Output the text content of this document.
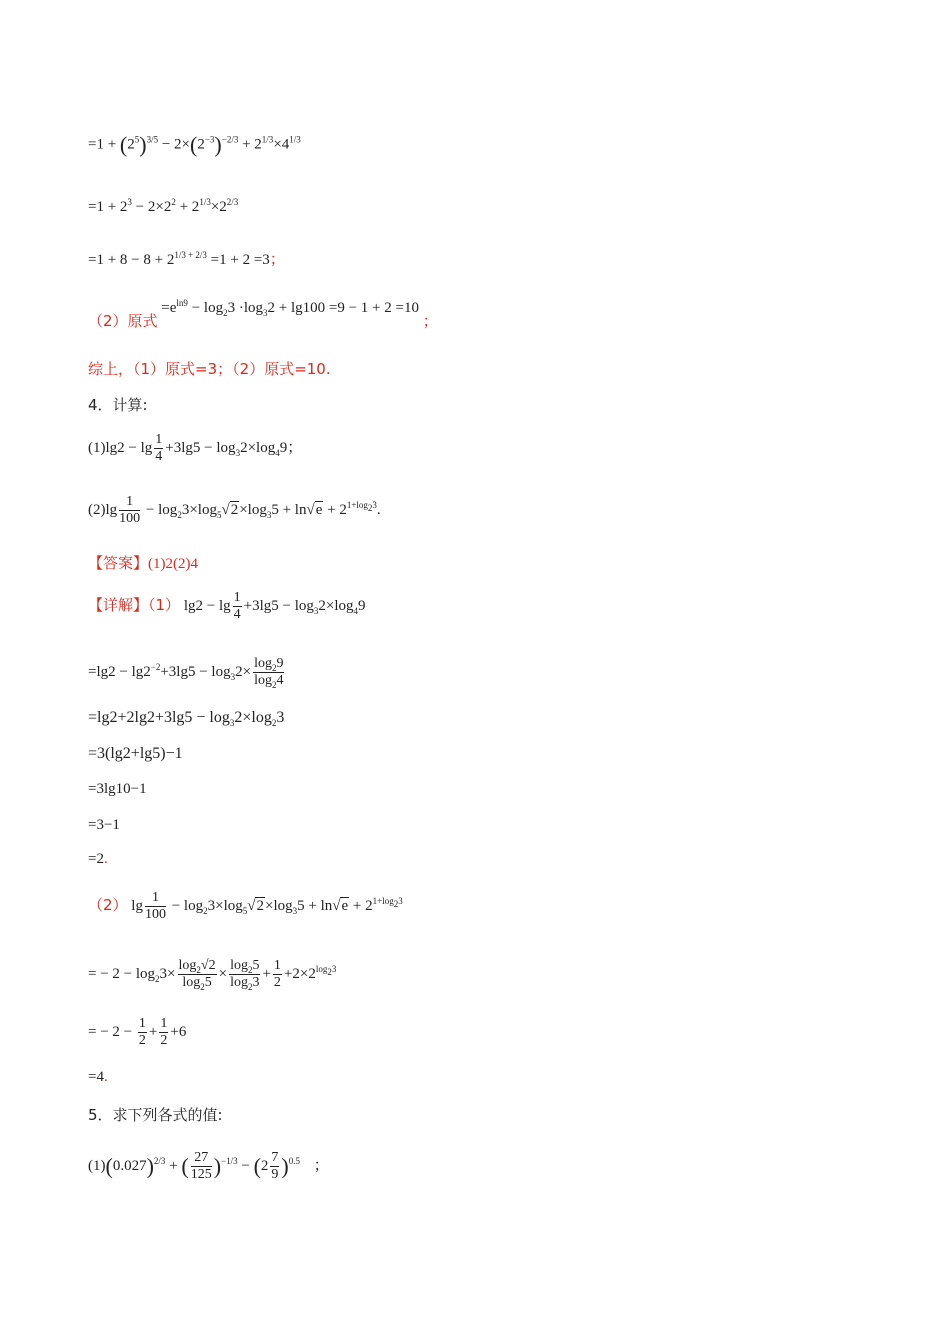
$=1 + (2^5)^{3/5} - 2\times(2^{-3})^{-2/3} + 2^{1/3}\times 4^{1/3}$
$=1 + 2^3 - 2\times 2^2 + 2^{1/3}\times 2^{2/3}$
$=1 + 8 - 8 + 2^{1/3 + 2/3} =1 + 2 =3$；
（2）原式 $=e^{ln9} - \log_23 \cdot\log_32 + \lg 100 =9 - 1 + 2 =10$ ；
综上，（1）原式=3；（2）原式=10.
4．计算:
$(1)\lg 2 - \lg \frac{1}{4} +3\lg 5 - \log_32\times\log_49$；
$(2)\lg \frac{1}{100} - \log_23\times\log_5√2\times\log_35 + \ln√e + 2^{1+log_23}$.
【答案】(1)2(2)4
【详解】（1） $\lg 2 - \lg \frac{1}{4} +3\lg 5 - \log_32\times\log_49$
$=\lg 2 - \lg 2^{-2}+3\lg 5 - \log_32\times \frac{\log_29}{\log_24}$
$=\lg 2+2\lg 2+3\lg 5 - \log_32\times\log_23$
=3(lg2+lg5)−1
=3lg10−1
=3−1
=2.
（2） $\lg \frac{1}{100} - \log_23\times\log_5√2\times\log_35 + \ln√e + 2^{1+log_23}$
= − $2 - \log_23\times \frac{\log_2√2}{\log_25} \times \frac{\log_25}{\log_23} + \frac{1}{2} +2\times 2^{log_23}$
= − $2 - \frac{1}{2} + \frac{1}{2} +6$
=4.
5．求下列各式的值:
$(1)(0.027)^{2/3}$ + ( $\frac{27}{125} )^{-1/3} - (2 \frac{7}{9} )^{0.5}$ ；
